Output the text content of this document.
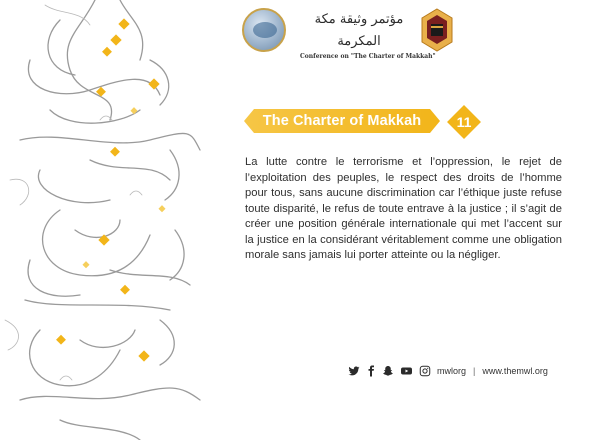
مؤتمر وثيقة مكة المكرمة
Conference on "The Charter of Makkah"
The Charter of Makkah	11

La lutte contre le terrorisme et l’oppression, le rejet de l’exploitation des peuples, le respect des droits de l’homme pour tous, sans aucune discrimination car l’éthique juste refuse toute disparité, le refus de toute entrave à la justice ; il s’agit de créer une position générale internationale qui met l’accent sur la justice en la considérant véritablement comme une obligation morale sans jamais lui porter atteinte ou la négliger.

mwlorg | www.themwl.org
